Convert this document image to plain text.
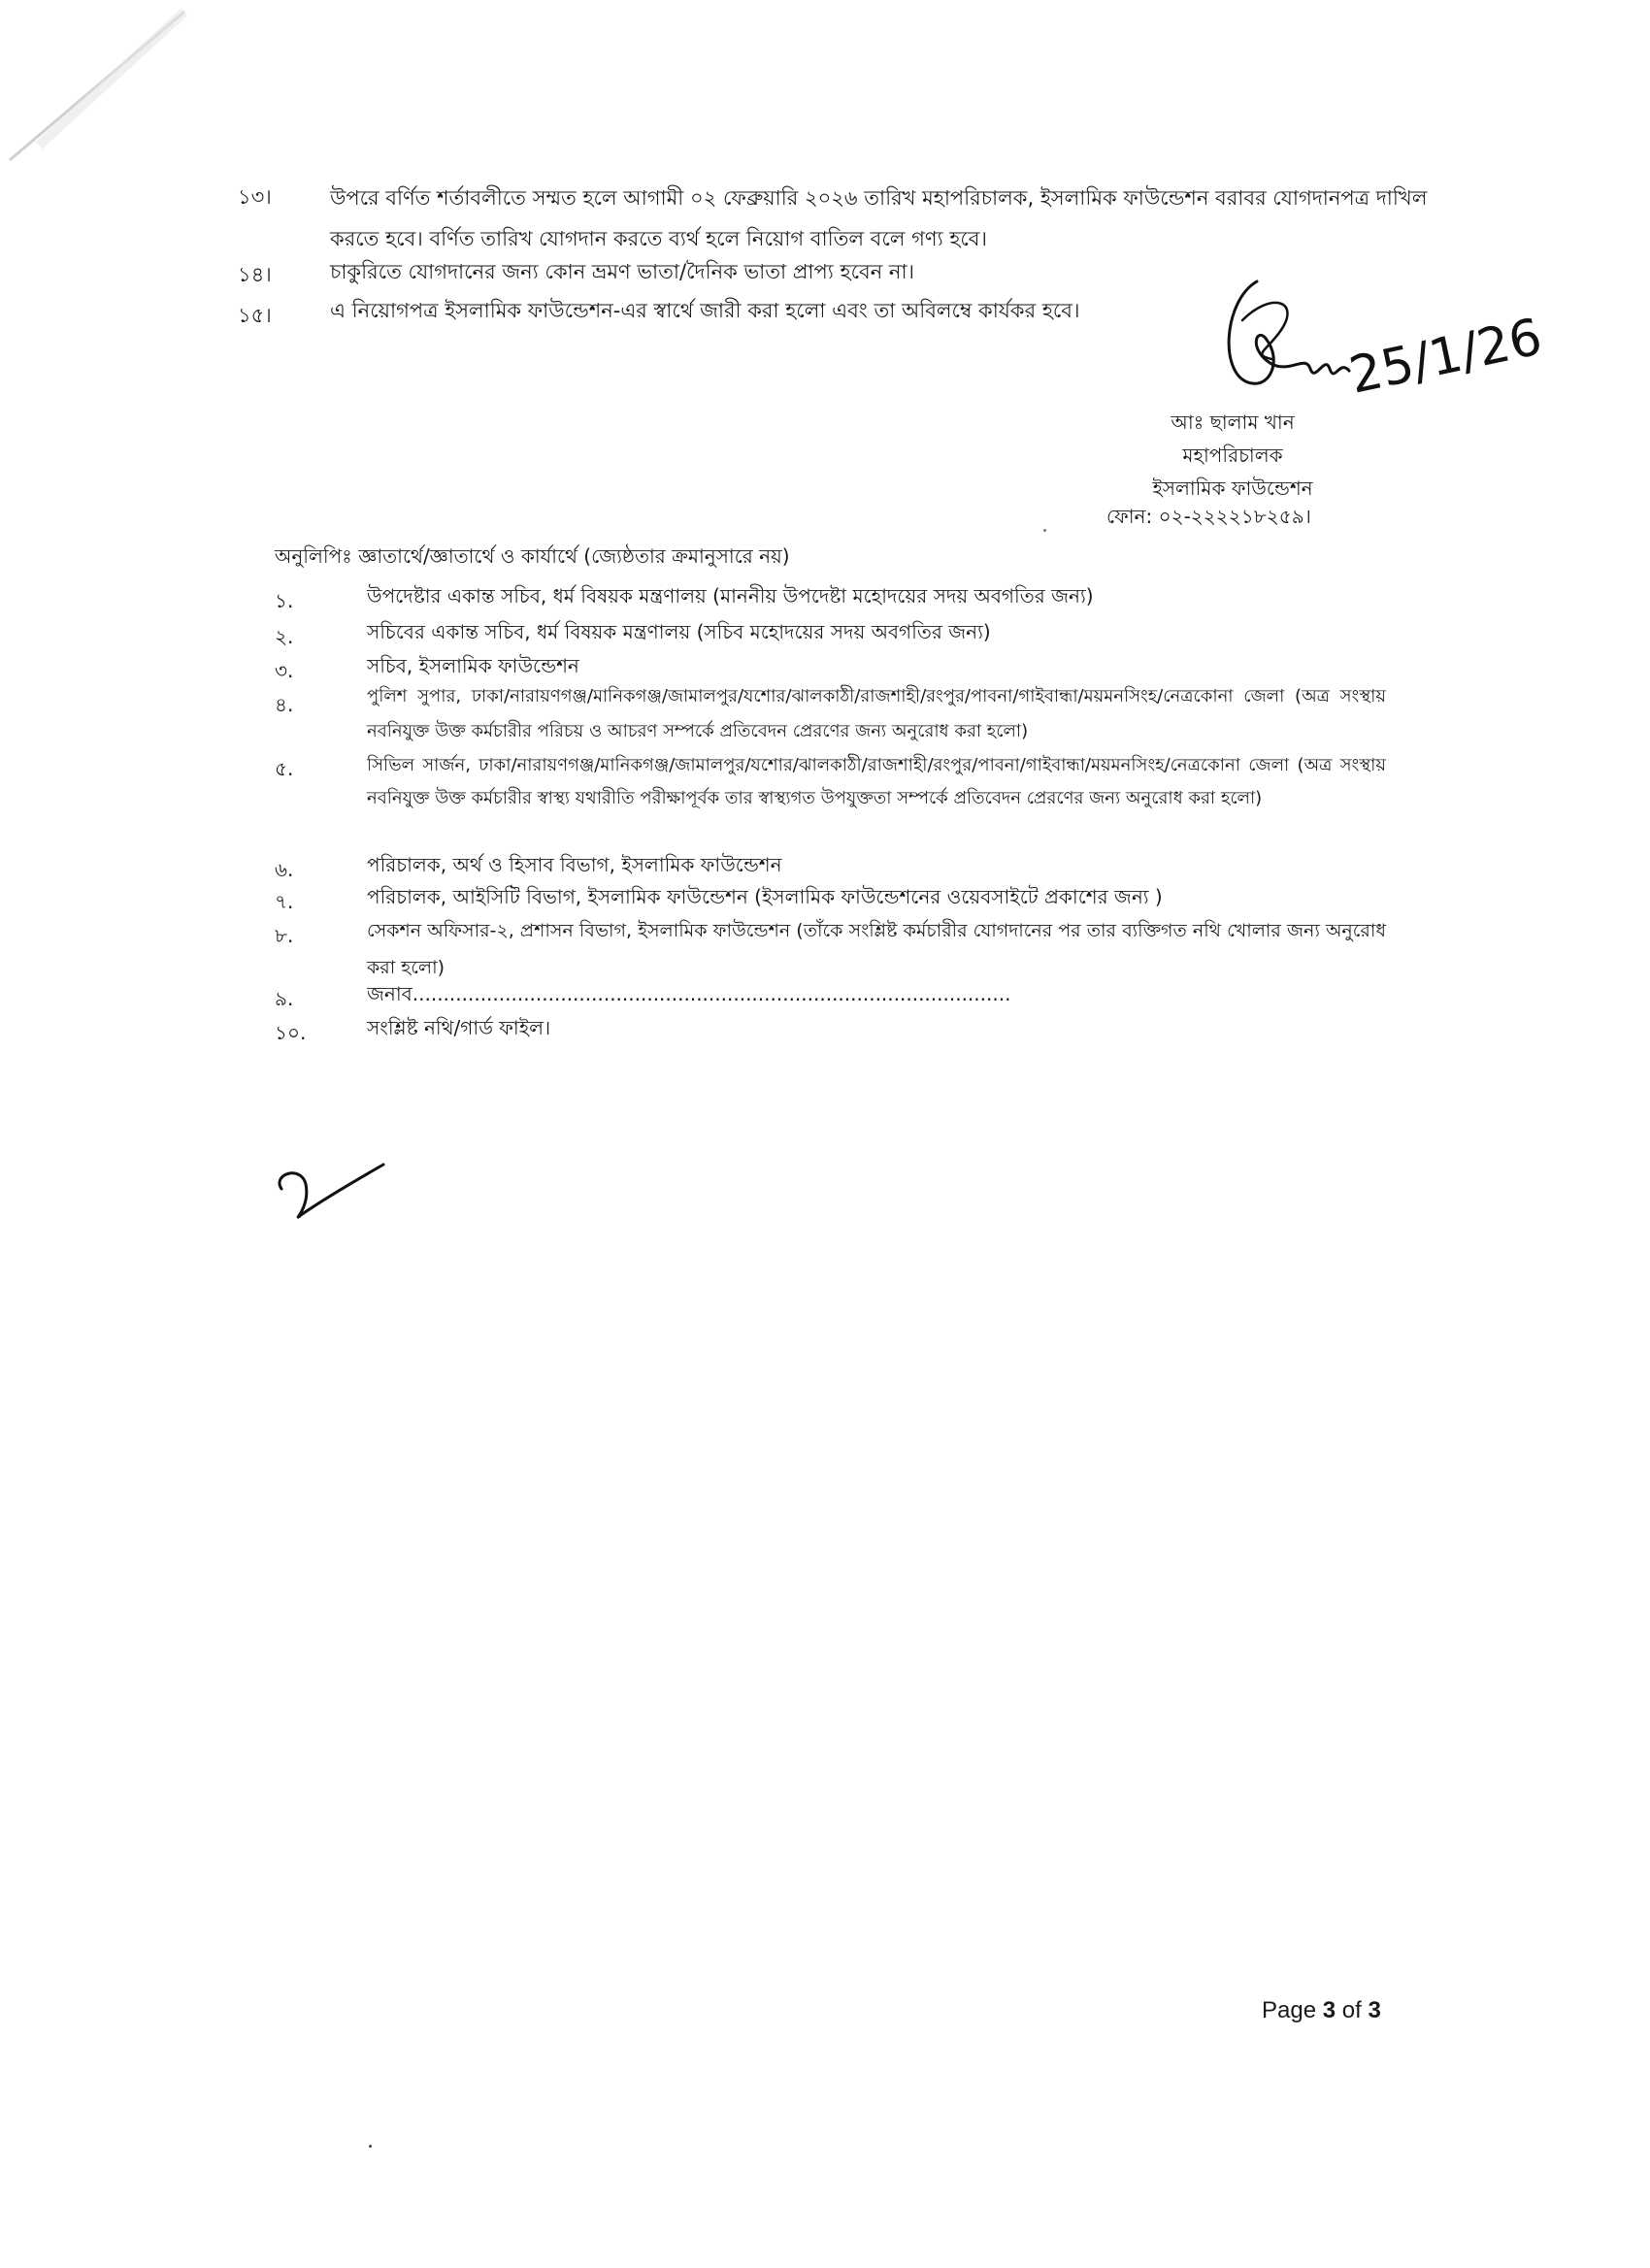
১৩।	উপরে বর্ণিত শর্তাবলীতে সম্মত হলে আগামী ০২ ফেব্রুয়ারি ২০২৬ তারিখ মহাপরিচালক, ইসলামিক ফাউন্ডেশন বরাবর যোগদানপত্র দাখিল করতে হবে। বর্ণিত তারিখ যোগদান করতে ব্যর্থ হলে নিয়োগ বাতিল বলে গণ্য হবে।
১৪।	চাকুরিতে যোগদানের জন্য কোন ভ্রমণ ভাতা/দৈনিক ভাতা প্রাপ্য হবেন না।
১৫।	এ নিয়োগপত্র ইসলামিক ফাউন্ডেশন-এর স্বার্থে জারী করা হলো এবং তা অবিলম্বে কার্যকর হবে।	25/1/26
আঃ ছালাম খান
মহাপরিচালক
ইসলামিক ফাউন্ডেশন
ফোন: ০২-২২২২১৮২৫৯।
অনুলিপিঃ জ্ঞাতার্থে/জ্ঞাতার্থে ও কার্যার্থে (জ্যেষ্ঠতার ক্রমানুসারে নয়)
১.	উপদেষ্টার একান্ত সচিব, ধর্ম বিষয়ক মন্ত্রণালয় (মাননীয় উপদেষ্টা মহোদয়ের সদয় অবগতির জন্য)
২.	সচিবের একান্ত সচিব, ধর্ম বিষয়ক মন্ত্রণালয় (সচিব মহোদয়ের সদয় অবগতির জন্য)
৩.	সচিব, ইসলামিক ফাউন্ডেশন
৪.	পুলিশ সুপার, ঢাকা/নারায়ণগঞ্জ/মানিকগঞ্জ/জামালপুর/যশোর/ঝালকাঠী/রাজশাহী/রংপুর/পাবনা/গাইবান্ধা/ময়মনসিংহ/নেত্রকোনা জেলা (অত্র সংস্থায় নবনিযুক্ত উক্ত কর্মচারীর পরিচয় ও আচরণ সম্পর্কে প্রতিবেদন প্রেরণের জন্য অনুরোধ করা হলো)
৫.	সিভিল সার্জন, ঢাকা/নারায়ণগঞ্জ/মানিকগঞ্জ/জামালপুর/যশোর/ঝালকাঠী/রাজশাহী/রংপুর/পাবনা/গাইবান্ধা/ময়মনসিংহ/নেত্রকোনা জেলা (অত্র সংস্থায় নবনিযুক্ত উক্ত কর্মচারীর স্বাস্থ্য যথারীতি পরীক্ষাপূর্বক তার স্বাস্থ্যগত উপযুক্ততা সম্পর্কে প্রতিবেদন প্রেরণের জন্য অনুরোধ করা হলো)
৬.	পরিচালক, অর্থ ও হিসাব বিভাগ, ইসলামিক ফাউন্ডেশন
৭.	পরিচালক, আইসিটি বিভাগ, ইসলামিক ফাউন্ডেশন (ইসলামিক ফাউন্ডেশনের ওয়েবসাইটে প্রকাশের জন্য )
৮.	সেকশন অফিসার-২, প্রশাসন বিভাগ, ইসলামিক ফাউন্ডেশন (তাঁকে সংশ্লিষ্ট কর্মচারীর যোগদানের পর তার ব্যক্তিগত নথি খোলার জন্য অনুরোধ করা হলো)
৯.	জনাব.................................................................................................
১০.	সংশ্লিষ্ট নথি/গার্ড ফাইল।
Page 3 of 3
